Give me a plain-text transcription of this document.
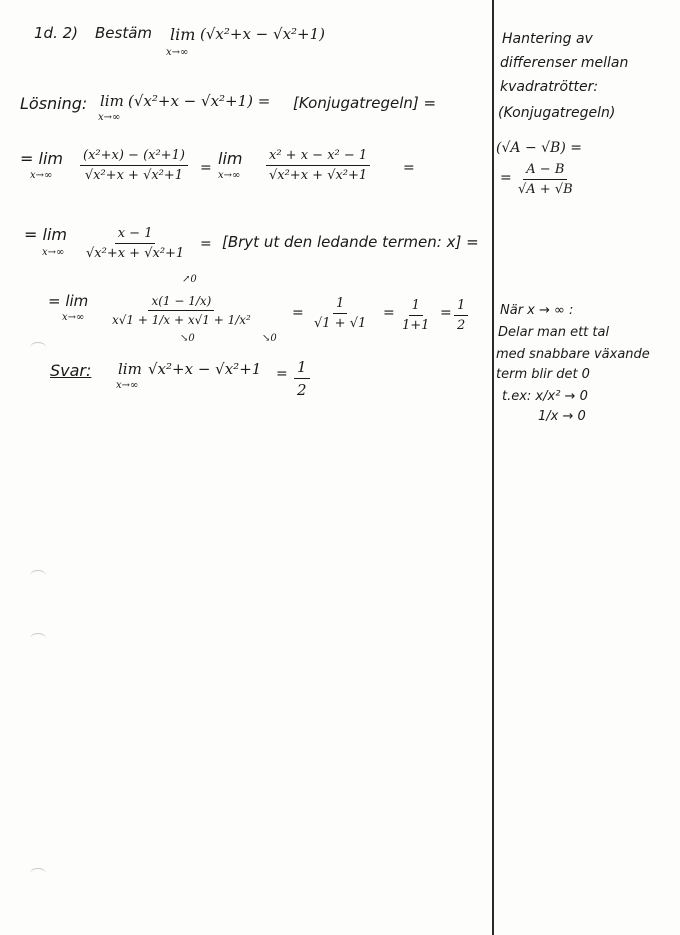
1d. 2) Bestäm lim
x→∞
(√x²+x − √x²+1)
Lösning: lim
x→∞
(√x²+x − √x²+1) = [Konjugatregeln] =
= lim
$x\to\infty \frac{\text{(x²+x) − (x²+1)}}{\text{√x²+x + √x²+1}} = \lim$
$x\to\infty \frac{\text{x² + x − x² − 1}}{\text{√x²+x + √x²+1}}$ =
= lim
$x\to\infty \frac{x - 1}{\text{√x²+x + √x²+1}}$ = [Bryt ut den ledande termen: x] =
↗0
= lim
$x\to\infty \frac{x(1 - 1/x)}{\text{x√1 + 1/x + x√1 + 1/x²}}$
↘0	↘0
= $\frac{1}{√1 + √1} = \frac{1}{1+1} = \frac{1}{2}$
Svar: lim
x→∞
$√x^2+x - √x^2+1 = \frac{1}{2}$
Hantering av
differenser mellan
kvadratrötter:
(Konjugatregeln)
(√A − √B) =
= $\frac{A - B}{√A + √B}$
När x → ∞ :
Delar man ett tal
med snabbare växande
term blir det 0
t.ex: x/x² → 0
1/x → 0
